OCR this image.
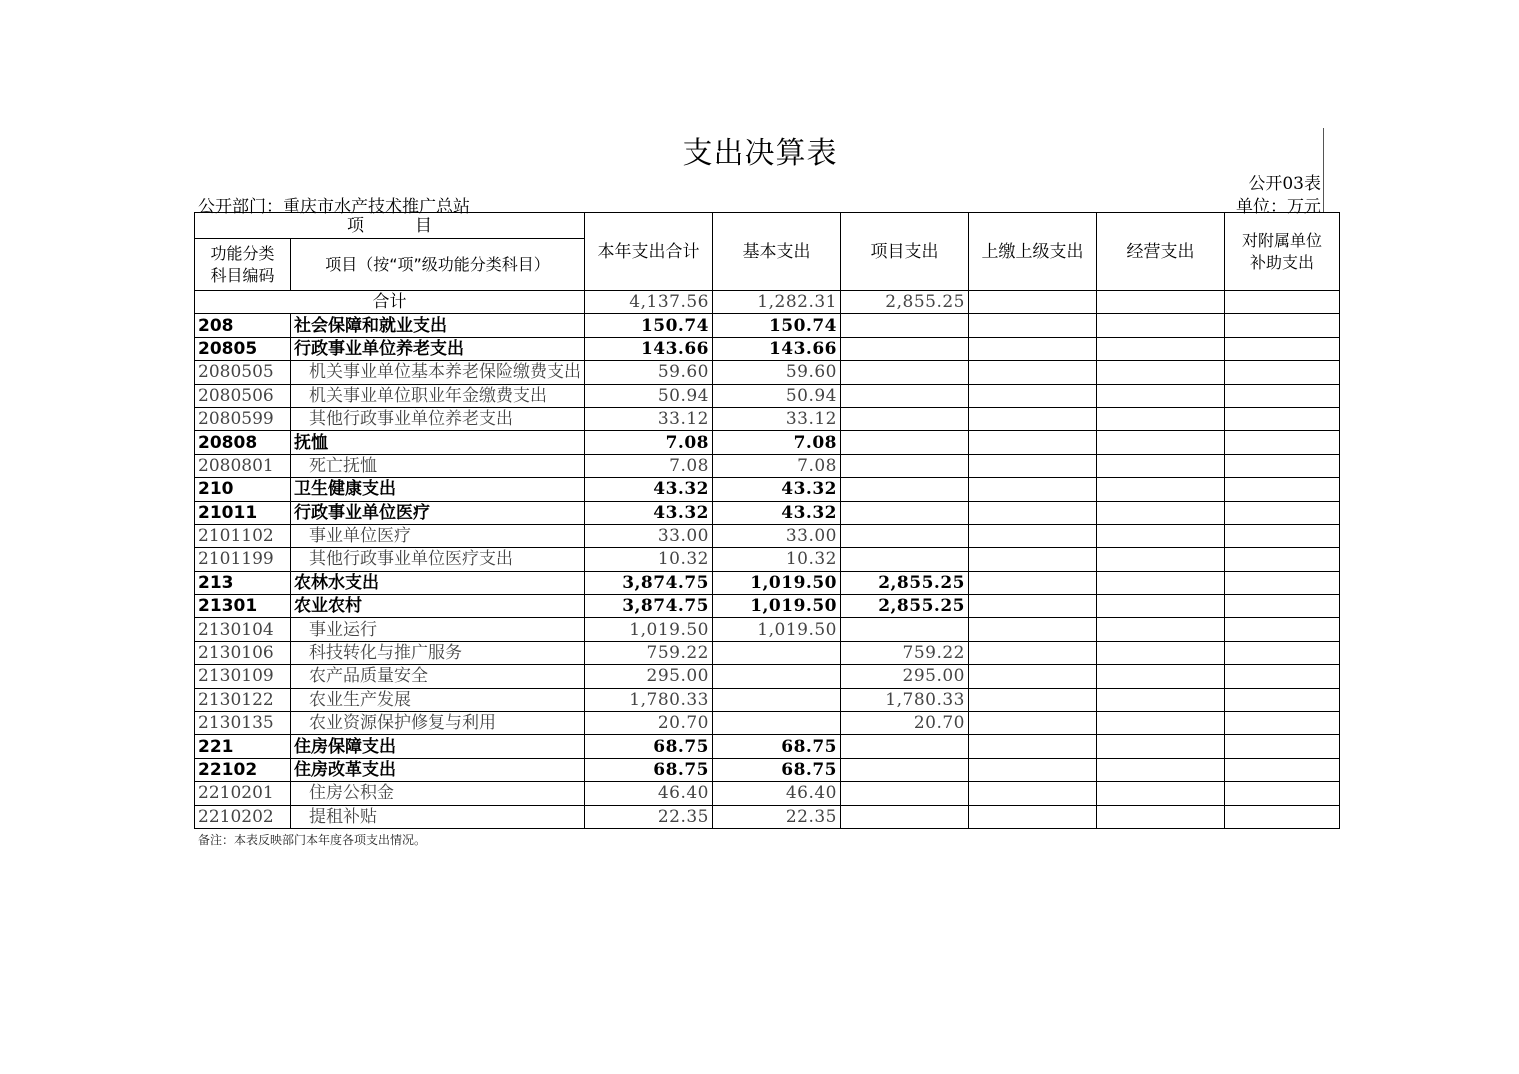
支出决算表
公开03表
公开部门：重庆市水产技术推广总站	单位：万元
项　　　目		本年支出合计	基本支出	项目支出	上缴上级支出	经营支出	对附属单位
补助支出
功能分类
科目编码	项目（按“项”级功能分类科目）						
合计		4,137.56	1,282.31	2,855.25			
208	社会保障和就业支出	150.74	150.74				
20805	行政事业单位养老支出	143.66	143.66				
2080505	机关事业单位基本养老保险缴费支出	59.60	59.60				
2080506	机关事业单位职业年金缴费支出	50.94	50.94				
2080599	其他行政事业单位养老支出	33.12	33.12				
20808	抚恤	7.08	7.08				
2080801	死亡抚恤	7.08	7.08				
210	卫生健康支出	43.32	43.32				
21011	行政事业单位医疗	43.32	43.32				
2101102	事业单位医疗	33.00	33.00				
2101199	其他行政事业单位医疗支出	10.32	10.32				
213	农林水支出	3,874.75	1,019.50	2,855.25			
21301	农业农村	3,874.75	1,019.50	2,855.25			
2130104	事业运行	1,019.50	1,019.50				
2130106	科技转化与推广服务	759.22		759.22			
2130109	农产品质量安全	295.00		295.00			
2130122	农业生产发展	1,780.33		1,780.33			
2130135	农业资源保护修复与利用	20.70		20.70			
221	住房保障支出	68.75	68.75				
22102	住房改革支出	68.75	68.75				
2210201	住房公积金	46.40	46.40				
2210202	提租补贴	22.35	22.35				
备注：本表反映部门本年度各项支出情况。
